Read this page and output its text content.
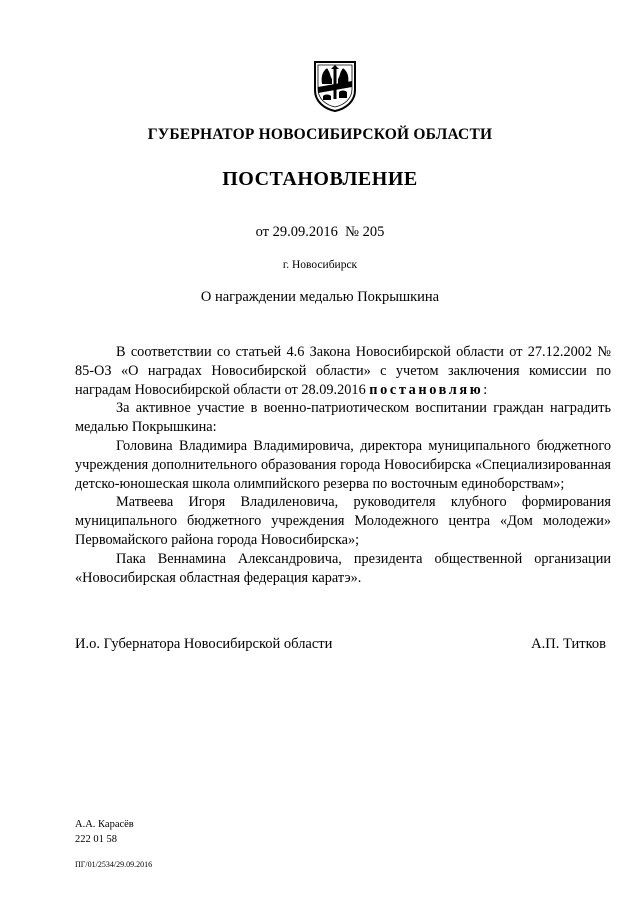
ГУБЕРНАТОР НОВОСИБИРСКОЙ ОБЛАСТИ
ПОСТАНОВЛЕНИЕ
от 29.09.2016  № 205
г. Новосибирск
О награждении медалью Покрышкина

В соответствии со статьей 4.6 Закона Новосибирской области от 27.12.2002 № 85-ОЗ «О наградах Новосибирской области» с учетом заключения комиссии по наградам Новосибирской области от 28.09.2016 постановляю:

За активное участие в военно-патриотическом воспитании граждан наградить медалью Покрышкина:

Головина Владимира Владимировича, директора муниципального бюджетного учреждения дополнительного образования города Новосибирска «Специализированная детско-юношеская школа олимпийского резерва по восточным единоборствам»;

Матвеева Игоря Владиленовича, руководителя клубного формирования муниципального бюджетного учреждения Молодежного центра «Дом молодежи» Первомайского района города Новосибирска»;

Пака Веннамина Александровича, президента общественной организации «Новосибирская областная федерация каратэ».

И.о. Губернатора Новосибирской области	А.П. Титков
А.А. Карасёв
222 01 58
ПГ/01/2534/29.09.2016
